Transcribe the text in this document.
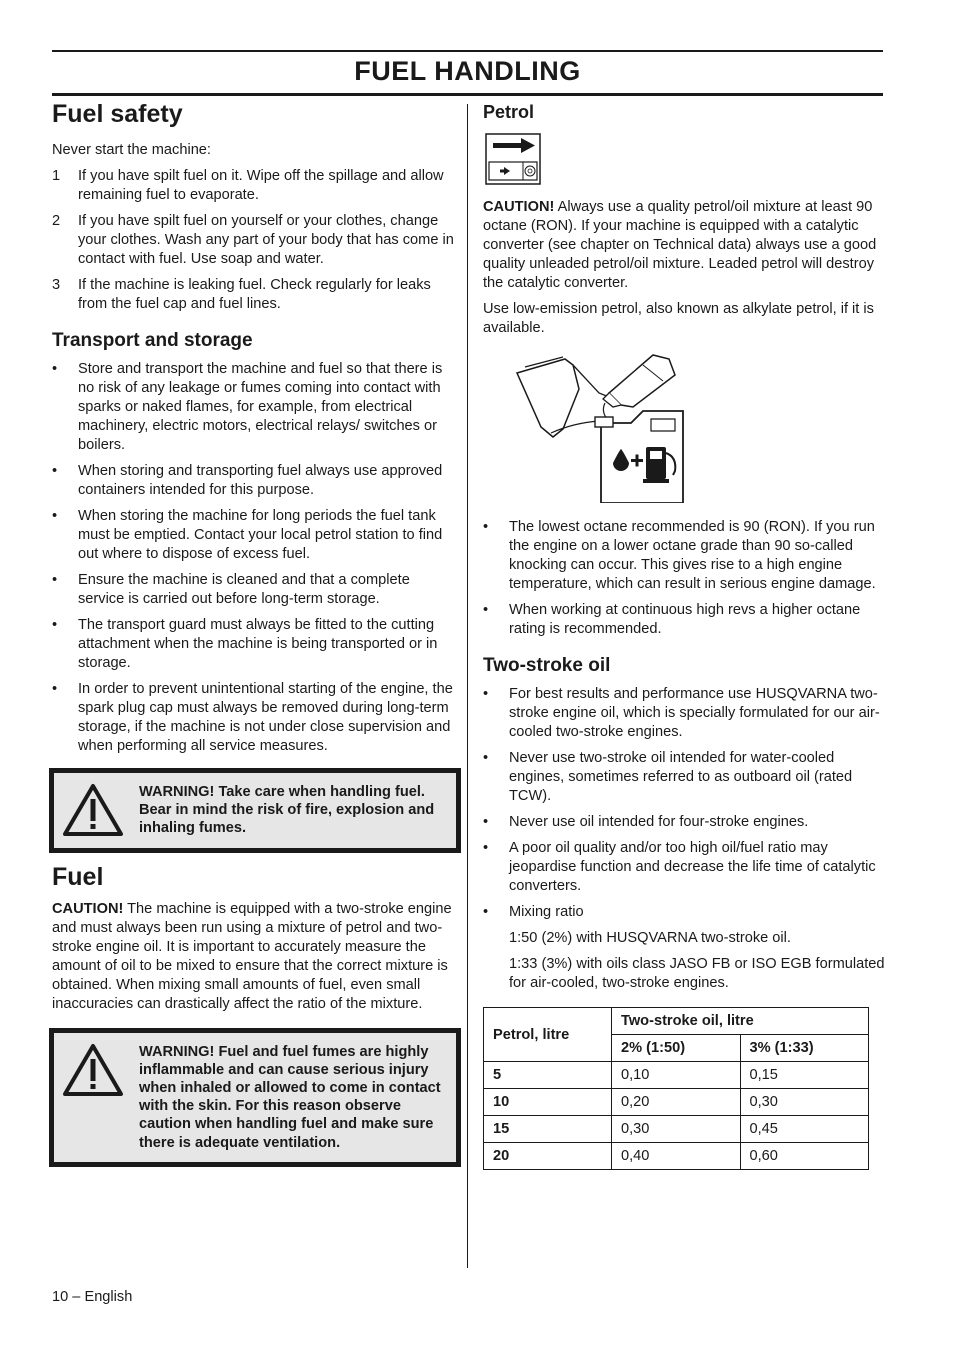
FUEL HANDLING
Fuel safety

Never start the machine:

1 If you have spilt fuel on it. Wipe off the spillage and allow remaining fuel to evaporate.
2 If you have spilt fuel on yourself or your clothes, change your clothes. Wash any part of your body that has come in contact with fuel. Use soap and water.
3 If the machine is leaking fuel. Check regularly for leaks from the fuel cap and fuel lines.
Transport and storage
• Store and transport the machine and fuel so that there is no risk of any leakage or fumes coming into contact with sparks or naked flames, for example, from electrical machinery, electric motors, electrical relays/ switches or boilers.
• When storing and transporting fuel always use approved containers intended for this purpose.
• When storing the machine for long periods the fuel tank must be emptied. Contact your local petrol station to find out where to dispose of excess fuel.
• Ensure the machine is cleaned and that a complete service is carried out before long-term storage.
• The transport guard must always be fitted to the cutting attachment when the machine is being transported or in storage.
• In order to prevent unintentional starting of the engine, the spark plug cap must always be removed during long-term storage, if the machine is not under close supervision and when performing all service measures.

WARNING! Take care when handling fuel. Bear in mind the risk of fire, explosion and inhaling fumes.

Fuel

CAUTION! The machine is equipped with a two-stroke engine and must always been run using a mixture of petrol and two-stroke engine oil. It is important to accurately measure the amount of oil to be mixed to ensure that the correct mixture is obtained. When mixing small amounts of fuel, even small inaccuracies can drastically affect the ratio of the mixture.

WARNING! Fuel and fuel fumes are highly inflammable and can cause serious injury when inhaled or allowed to come in contact with the skin. For this reason observe caution when handling fuel and make sure there is adequate ventilation.

Petrol

CAUTION! Always use a quality petrol/oil mixture at least 90 octane (RON). If your machine is equipped with a catalytic converter (see chapter on Technical data) always use a good quality unleaded petrol/oil mixture. Leaded petrol will destroy the catalytic converter.

Use low-emission petrol, also known as alkylate petrol, if it is available.

• The lowest octane recommended is 90 (RON). If you run the engine on a lower octane grade than 90 so-called knocking can occur. This gives rise to a high engine temperature, which can result in serious engine damage.
• When working at continuous high revs a higher octane rating is recommended.
Two-stroke oil
• For best results and performance use HUSQVARNA two-stroke engine oil, which is specially formulated for our air-cooled two-stroke engines.
• Never use two-stroke oil intended for water-cooled engines, sometimes referred to as outboard oil (rated TCW).
• Never use oil intended for four-stroke engines.
• A poor oil quality and/or too high oil/fuel ratio may jeopardise function and decrease the life time of catalytic converters.
• Mixing ratio

1:50 (2%) with HUSQVARNA two-stroke oil.

1:33 (3%) with oils class JASO FB or ISO EGB formulated for air-cooled, two-stroke engines.

Petrol, litre	Two-stroke oil, litre	
	2% (1:50)	3% (1:33)
5	0,10	0,15
10	0,20	0,30
15	0,30	0,45
20	0,40	0,60
10 – English
